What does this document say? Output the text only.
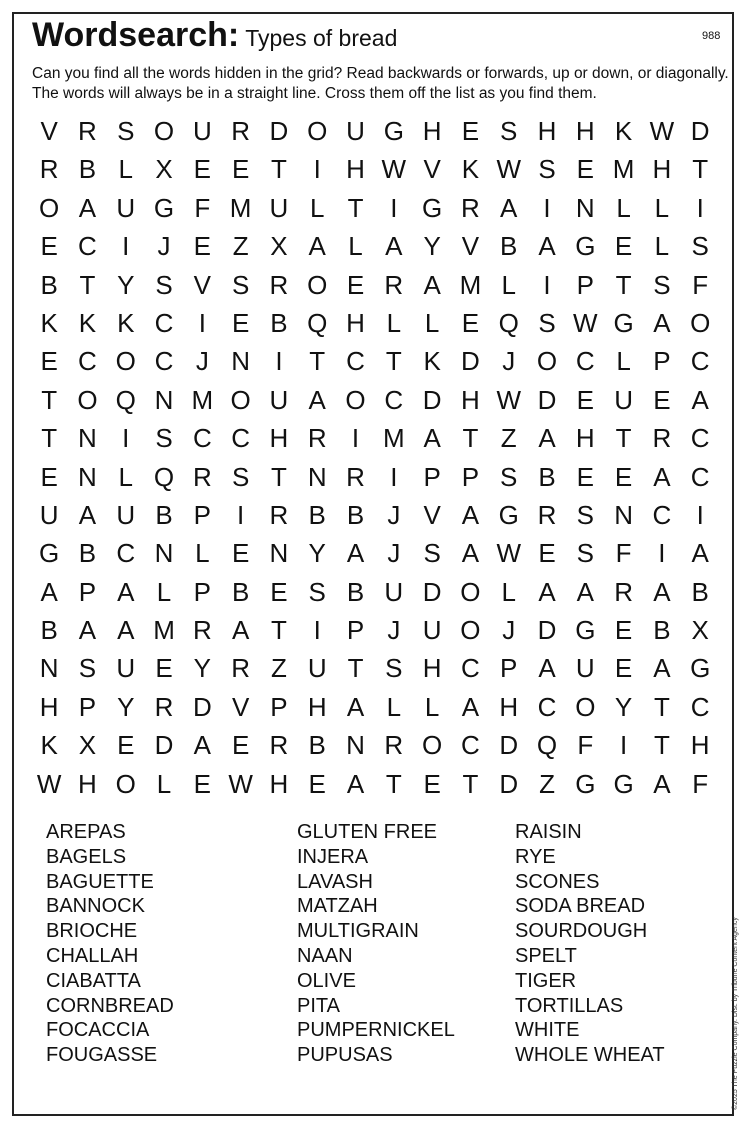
Wordsearch: Types of bread	988
Can you find all the words hidden in the grid? Read backwards or forwards, up or down, or diagonally. The words will always be in a straight line. Cross them off the list as you find them.
V R S O U R D O U G H E S H H K W D
R B L X E E T	I H W V K W S E M H T
O A U G F M U L T	I G R A	I N L L	I
E C I	J E Z X A L A Y V B A G E L S
B T Y S V S R O E R A M L	I	P T S F
K K K C I	E B Q H L L E Q S W G A O
E C O C J N I	T C T K D J O C L P C
T O Q N M O U A O C D H W D E U E A
T N I	S C C H R I M A T Z A H T R C
E N L Q R S T N R I	P P S B E E A C
U A U B P	I R B B J V A G R S N C I
G B C N L E N Y A J S A W E S F	I	A
A P A L P B E S B U D O L A A R A B
B A A M R A T	I	P J U O J D G E B X
N S U E Y R Z U T S H C P A U E A G
H P Y R D V P H A L L A H C O Y T C
K X E D A E R B N R O C D Q F	I	T H
W H O L E W H E A T E T D Z G G A F
AREPAS
BAGELS
BAGUETTE
BANNOCK
BRIOCHE
CHALLAH
CIABATTA
CORNBREAD
FOCACCIA
FOUGASSE
GLUTEN FREE
INJERA
LAVASH
MATZAH
MULTIGRAIN
NAAN
OLIVE
PITA
PUMPERNICKEL
PUPUSAS
RAISIN
RYE
SCONES
SODA BREAD
SOURDOUGH
SPELT
TIGER
TORTILLAS
WHITE
WHOLE WHEAT	©2025 The Puzzle Company. Dist. by Tribune Content Agency
